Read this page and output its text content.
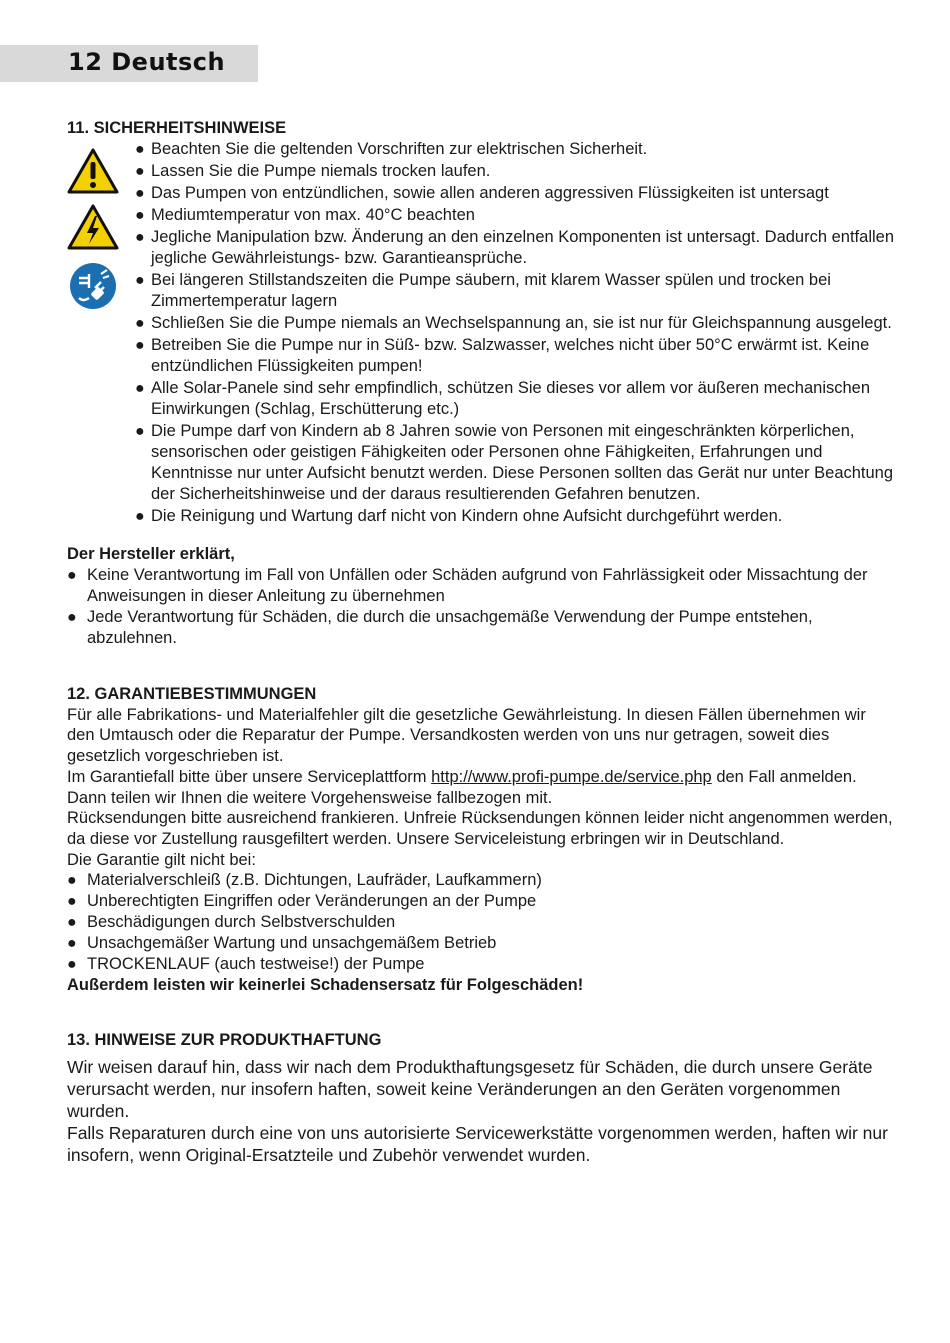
12 Deutsch
11. SICHERHEITSHINWEISE
● Beachten Sie die geltenden Vorschriften zur elektrischen Sicherheit.
● Lassen Sie die Pumpe niemals trocken laufen.
● Das Pumpen von entzündlichen, sowie allen anderen aggressiven Flüssigkeiten ist untersagt
● Mediumtemperatur von max. 40°C beachten
● Jegliche Manipulation bzw. Änderung an den einzelnen Komponenten ist untersagt. Dadurch entfallen jegliche Gewährleistungs- bzw. Garantieansprüche.
● Bei längeren Stillstandszeiten die Pumpe säubern, mit klarem Wasser spülen und trocken bei Zimmertemperatur lagern
● Schließen Sie die Pumpe niemals an Wechselspannung an, sie ist nur für Gleichspannung ausgelegt.
● Betreiben Sie die Pumpe nur in Süß- bzw. Salzwasser, welches nicht über 50°C erwärmt ist. Keine entzündlichen Flüssigkeiten pumpen!
● Alle Solar-Panele sind sehr empfindlich, schützen Sie dieses vor allem vor äußeren mechanischen Einwirkungen (Schlag, Erschütterung etc.)
● Die Pumpe darf von Kindern ab 8 Jahren sowie von Personen mit eingeschränkten körperlichen, sensorischen oder geistigen Fähigkeiten oder Personen ohne Fähigkeiten, Erfahrungen und Kenntnisse nur unter Aufsicht benutzt werden. Diese Personen sollten das Gerät nur unter Beachtung der Sicherheitshinweise und der daraus resultierenden Gefahren benutzen.
● Die Reinigung und Wartung darf nicht von Kindern ohne Aufsicht durchgeführt werden.

Der Hersteller erklärt,

● Keine Verantwortung im Fall von Unfällen oder Schäden aufgrund von Fahrlässigkeit oder Missachtung der Anweisungen in dieser Anleitung zu übernehmen
● Jede Verantwortung für Schäden, die durch die unsachgemäße Verwendung der Pumpe entstehen, abzulehnen.
12. GARANTIEBESTIMMUNGEN

Für alle Fabrikations- und Materialfehler gilt die gesetzliche Gewährleistung. In diesen Fällen übernehmen wir den Umtausch oder die Reparatur der Pumpe. Versandkosten werden von uns nur getragen, soweit dies gesetzlich vorgeschrieben ist.

Im Garantiefall bitte über unsere Serviceplattform http://www.profi-pumpe.de/service.php den Fall anmelden. Dann teilen wir Ihnen die weitere Vorgehensweise fallbezogen mit.

Rücksendungen bitte ausreichend frankieren. Unfreie Rücksendungen können leider nicht angenommen werden, da diese vor Zustellung rausgefiltert werden. Unsere Serviceleistung erbringen wir in Deutschland.

Die Garantie gilt nicht bei:

● Materialverschleiß (z.B. Dichtungen, Laufräder, Laufkammern)
● Unberechtigten Eingriffen oder Veränderungen an der Pumpe
● Beschädigungen durch Selbstverschulden
● Unsachgemäßer Wartung und unsachgemäßem Betrieb
● TROCKENLAUF (auch testweise!) der Pumpe

Außerdem leisten wir keinerlei Schadensersatz für Folgeschäden!

13. HINWEISE ZUR PRODUKTHAFTUNG

Wir weisen darauf hin, dass wir nach dem Produkthaftungsgesetz für Schäden, die durch unsere Geräte verursacht werden, nur insofern haften, soweit keine Veränderungen an den Geräten vorgenommen wurden.

Falls Reparaturen durch eine von uns autorisierte Servicewerkstätte vorgenommen werden, haften wir nur insofern, wenn Original-Ersatzteile und Zubehör verwendet wurden.
